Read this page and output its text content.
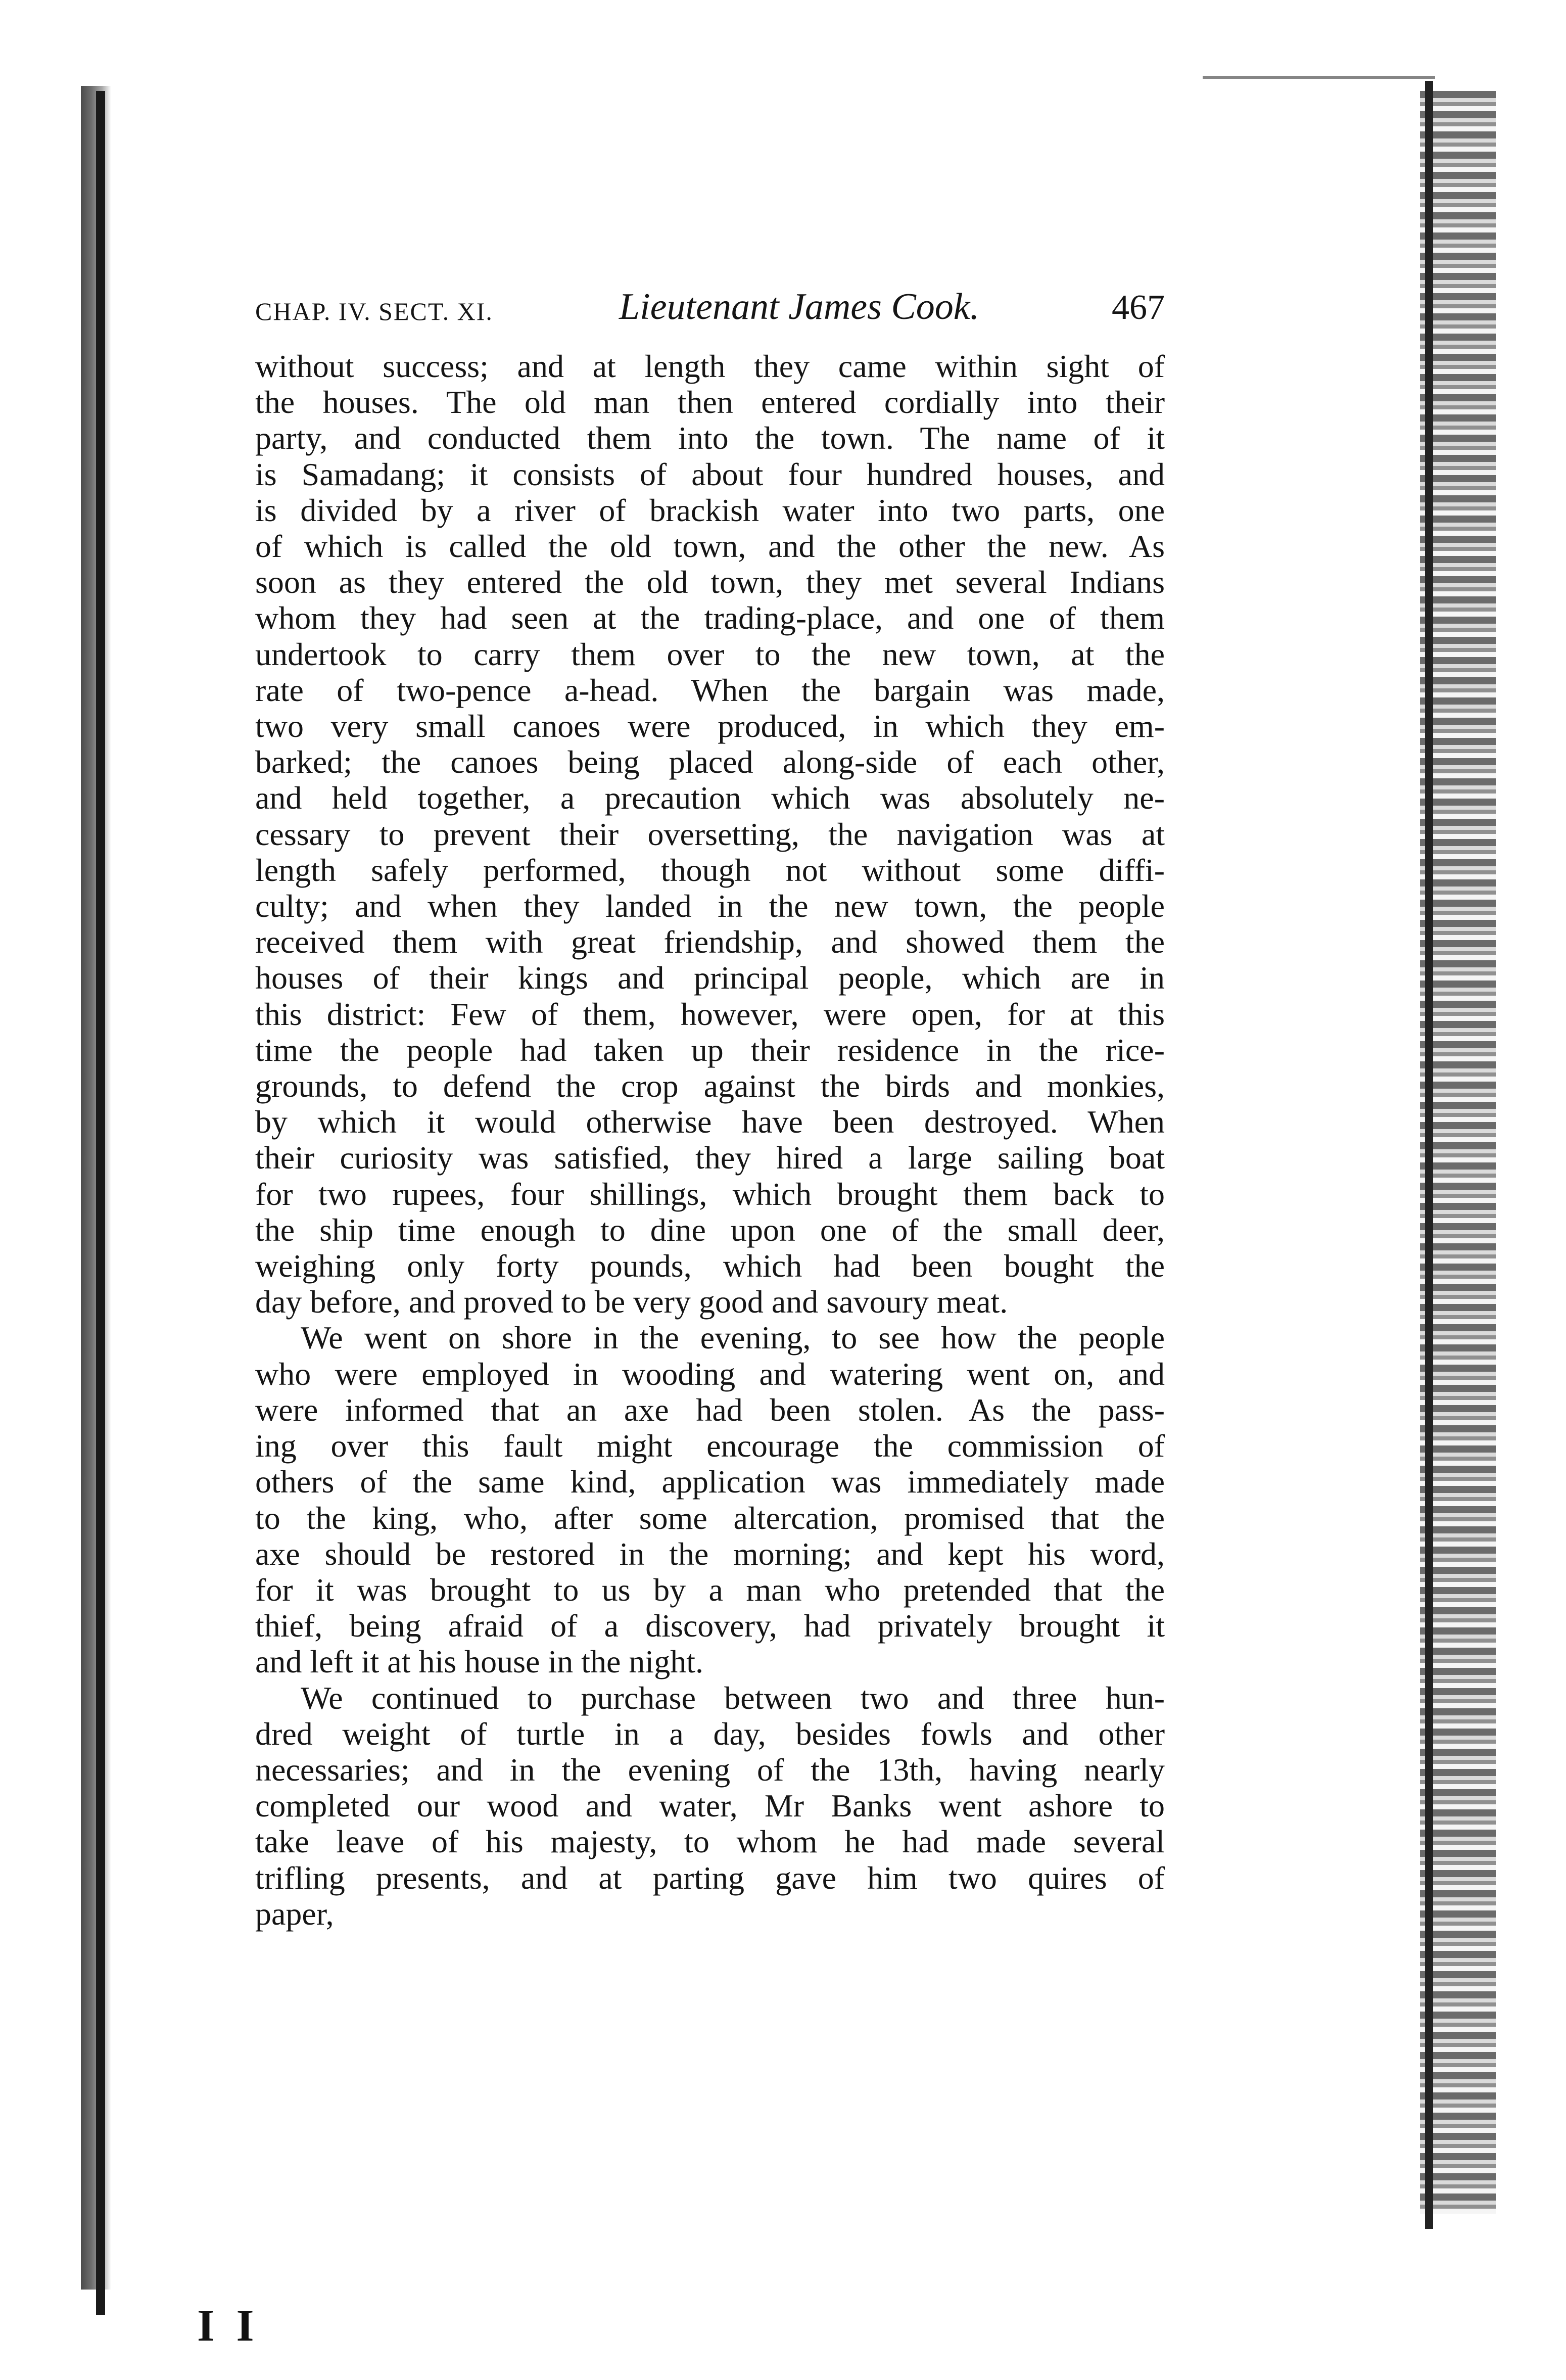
I I
CHAP. IV. SECT. XI.	Lieutenant James Cook.	467
without success; and at length they came within sight of
the houses. The old man then entered cordially into their
party, and conducted them into the town. The name of it
is Samadang; it consists of about four hundred houses, and
is divided by a river of brackish water into two parts, one
of which is called the old town, and the other the new. As
soon as they entered the old town, they met several Indians
whom they had seen at the trading-place, and one of them
undertook to carry them over to the new town, at the
rate of two-pence a-head. When the bargain was made,
two very small canoes were produced, in which they em-
barked; the canoes being placed along-side of each other,
and held together, a precaution which was absolutely ne-
cessary to prevent their oversetting, the navigation was at
length safely performed, though not without some diffi-
culty; and when they landed in the new town, the people
received them with great friendship, and showed them the
houses of their kings and principal people, which are in
this district: Few of them, however, were open, for at this
time the people had taken up their residence in the rice-
grounds, to defend the crop against the birds and monkies,
by which it would otherwise have been destroyed. When
their curiosity was satisfied, they hired a large sailing boat
for two rupees, four shillings, which brought them back to
the ship time enough to dine upon one of the small deer,
weighing only forty pounds, which had been bought the
day before, and proved to be very good and savoury meat.
We went on shore in the evening, to see how the people
who were employed in wooding and watering went on, and
were informed that an axe had been stolen. As the pass-
ing over this fault might encourage the commission of
others of the same kind, application was immediately made
to the king, who, after some altercation, promised that the
axe should be restored in the morning; and kept his word,
for it was brought to us by a man who pretended that the
thief, being afraid of a discovery, had privately brought it
and left it at his house in the night.
We continued to purchase between two and three hun-
dred weight of turtle in a day, besides fowls and other
necessaries; and in the evening of the 13th, having nearly
completed our wood and water, Mr Banks went ashore to
take leave of his majesty, to whom he had made several
trifling presents, and at parting gave him two quires of
paper,
